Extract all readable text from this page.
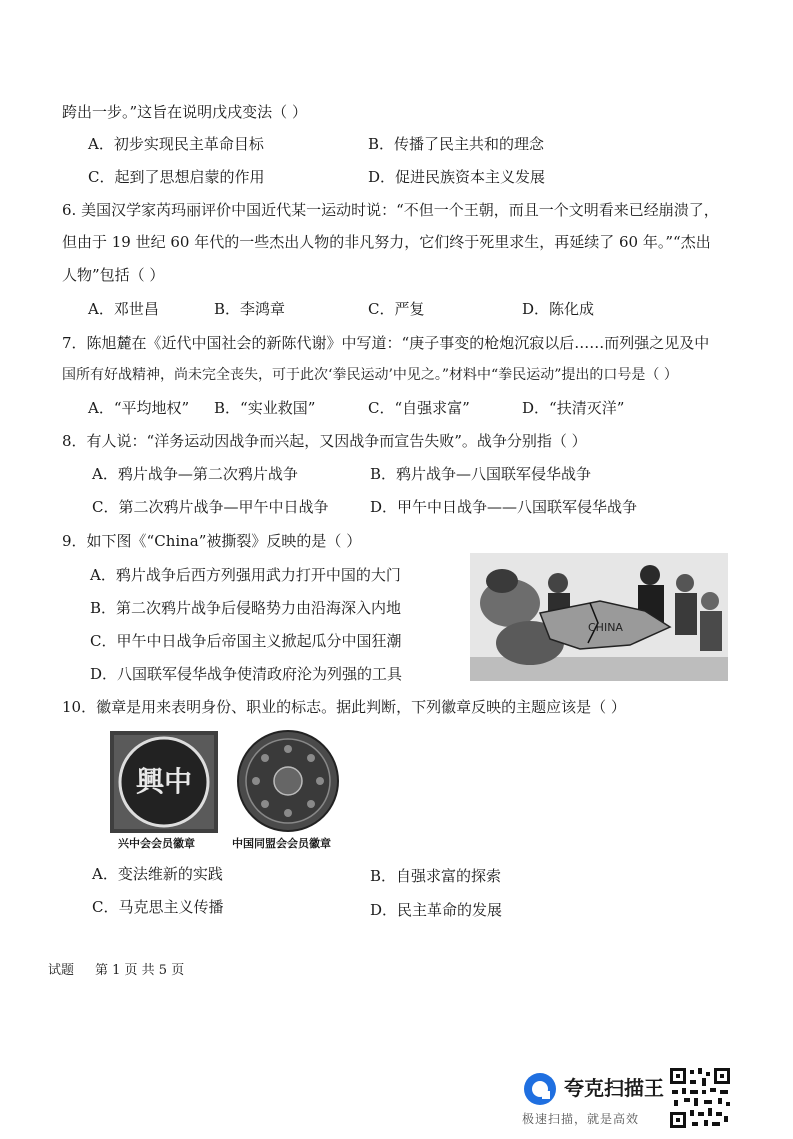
跨出一步。”这旨在说明戊戌变法（ ）
A．初步实现民主革命目标	B．传播了民主共和的理念
C．起到了思想启蒙的作用	D．促进民族资本主义发展
6. 美国汉学家芮玛丽评价中国近代某一运动时说：“不但一个王朝，而且一个文明看来已经崩溃了，
但由于 19 世纪 60 年代的一些杰出人物的非凡努力，它们终于死里求生，再延续了 60 年。”“杰出
人物”包括（ ）
A．邓世昌	B．李鸿章	C．严复	D．陈化成
7．陈旭麓在《近代中国社会的新陈代谢》中写道：“庚子事变的枪炮沉寂以后……而列强之见及中
国所有好战精神，尚未完全丧失，可于此次‘拳民运动’中见之。”材料中“拳民运动”提出的口号是（ ）
A．“平均地权” B．“实业救国”	C．“自强求富”	D．“扶清灭洋”
8．有人说：“洋务运动因战争而兴起，又因战争而宣告失败”。战争分别指（ ）
A．鸦片战争—第二次鸦片战争	B．鸦片战争—八国联军侵华战争
C．第二次鸦片战争—甲午中日战争	D．甲午中日战争——八国联军侵华战争
9．如下图《“China”被撕裂》反映的是（ ）
A．鸦片战争后西方列强用武力打开中国的大门
B．第二次鸦片战争后侵略势力由沿海深入内地
C．甲午中日战争后帝国主义掀起瓜分中国狂潮
D．八国联军侵华战争使清政府沦为列强的工具
CHINA
10．徽章是用来表明身份、职业的标志。据此判断，下列徽章反映的主题应该是（ ）
興中
兴中会会员徽章	中国同盟会会员徽章
A．变法维新的实践	B．自强求富的探索
C．马克思主义传播	D．民主革命的发展
试题 第 1 页 共 5 页
夸克扫描王
极速扫描，就是高效
